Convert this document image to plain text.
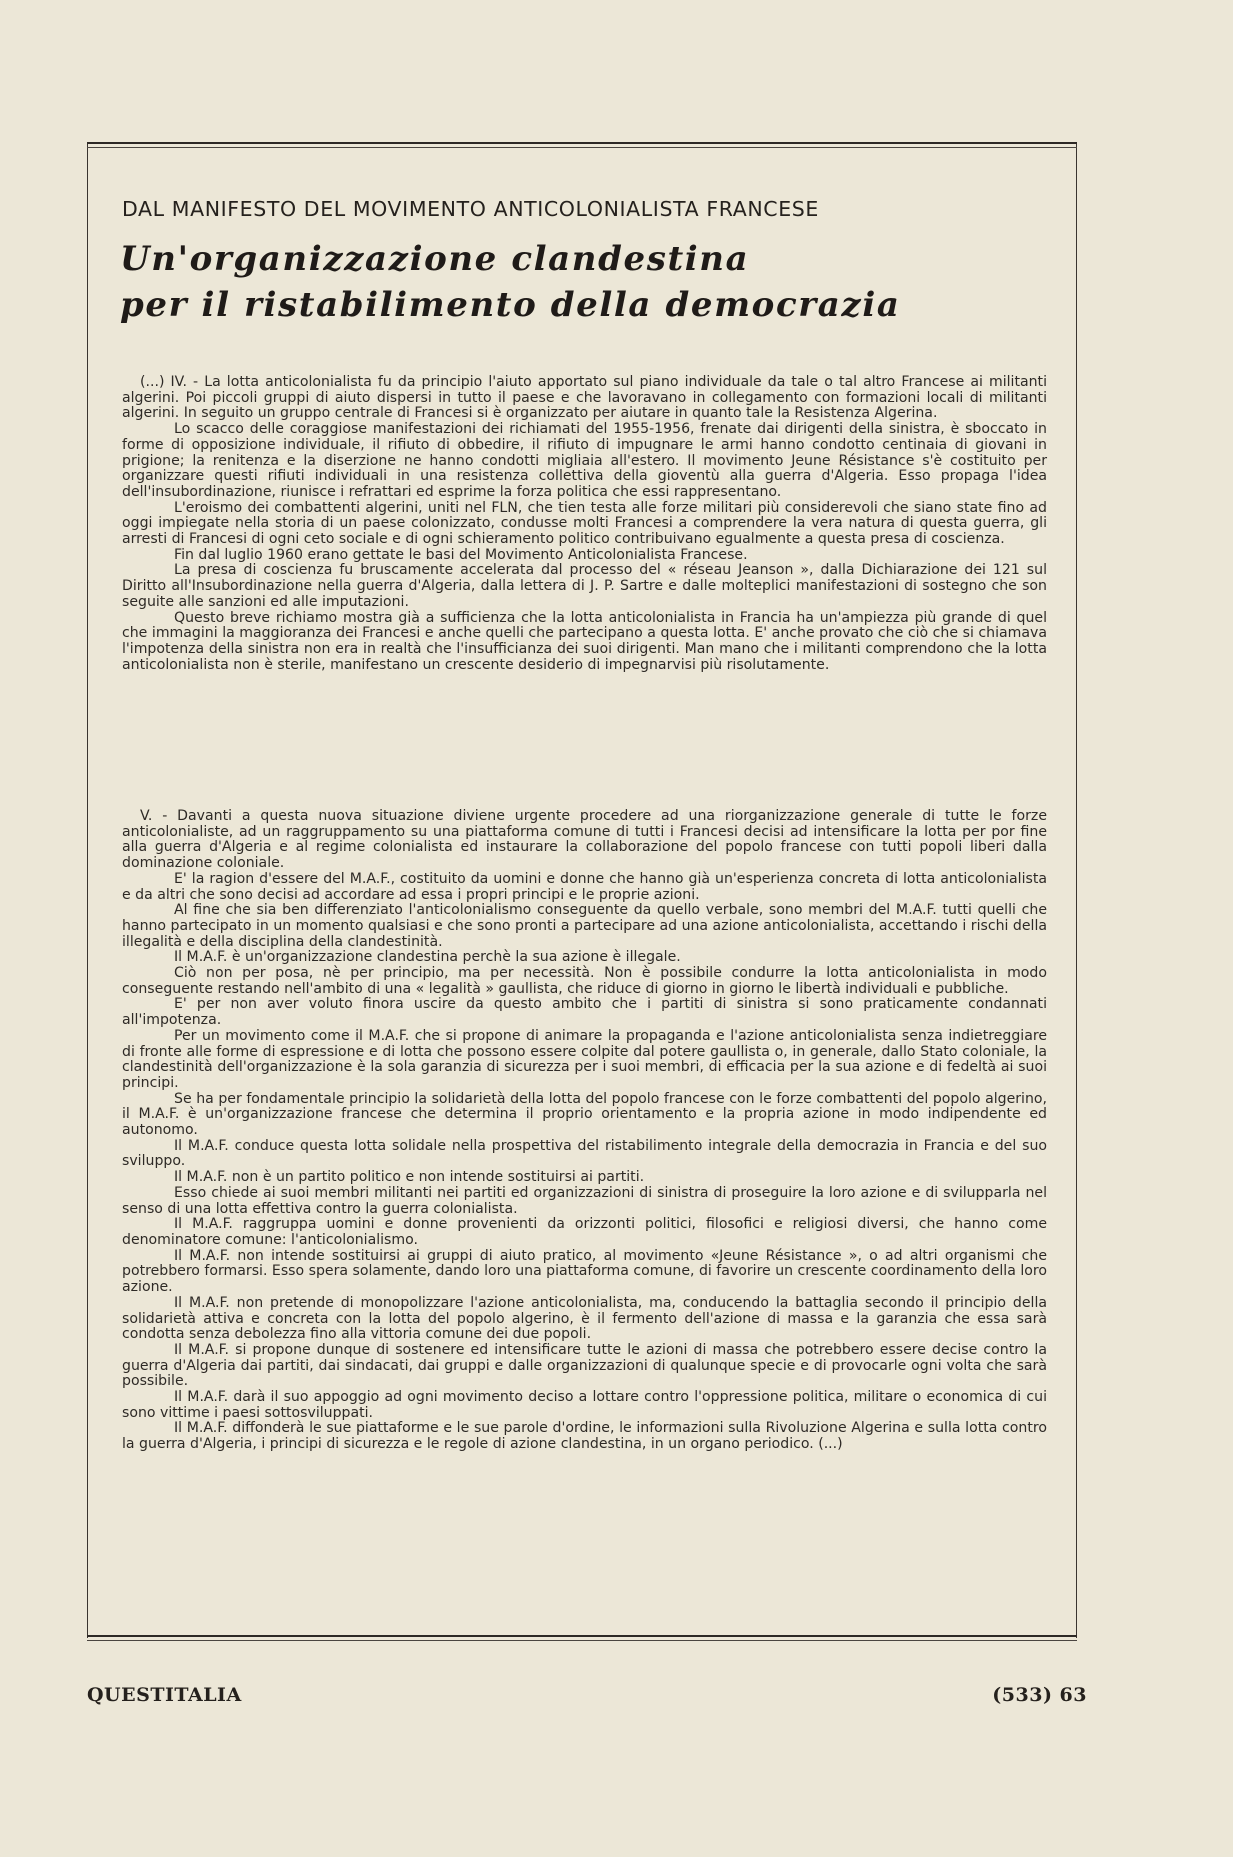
DAL MANIFESTO DEL MOVIMENTO ANTICOLONIALISTA FRANCESE
Un'organizzazione clandestina
per il ristabilimento della democrazia

(...) IV. - La lotta anticolonialista fu da principio l'aiuto apportato sul piano individuale da tale o tal altro Francese ai militanti algerini. Poi piccoli gruppi di aiuto dispersi in tutto il paese e che lavoravano in collegamento con formazioni locali di militanti algerini. In seguito un gruppo centrale di Francesi si è organizzato per aiutare in quanto tale la Resistenza Algerina.

Lo scacco delle coraggiose manifestazioni dei richiamati del 1955-1956, frenate dai dirigenti della sinistra, è sboccato in forme di opposizione individuale, il rifiuto di obbedire, il rifiuto di impugnare le armi hanno condotto centinaia di giovani in prigione; la renitenza e la diserzione ne hanno condotti migliaia all'estero. Il movimento Jeune Résistance s'è costituito per organizzare questi rifiuti individuali in una resistenza collettiva della gioventù alla guerra d'Algeria. Esso propaga l'idea dell'insubordinazione, riunisce i refrattari ed esprime la forza politica che essi rappresentano.

L'eroismo dei combattenti algerini, uniti nel FLN, che tien testa alle forze militari più considerevoli che siano state fino ad oggi impiegate nella storia di un paese colonizzato, condusse molti Francesi a comprendere la vera natura di questa guerra, gli arresti di Francesi di ogni ceto sociale e di ogni schieramento politico contribuivano egualmente a questa presa di coscienza.

Fin dal luglio 1960 erano gettate le basi del Movimento Anticolonialista Francese.

La presa di coscienza fu bruscamente accelerata dal processo del « réseau Jeanson », dalla Dichiarazione dei 121 sul Diritto all'Insubordinazione nella guerra d'Algeria, dalla lettera di J. P. Sartre e dalle molteplici manifestazioni di sostegno che son seguite alle sanzioni ed alle imputazioni.

Questo breve richiamo mostra già a sufficienza che la lotta anticolonialista in Francia ha un'ampiezza più grande di quel che immagini la maggioranza dei Francesi e anche quelli che partecipano a questa lotta. E' anche provato che ciò che si chiamava l'impotenza della sinistra non era in realtà che l'insufficianza dei suoi dirigenti. Man mano che i militanti comprendono che la lotta anticolonialista non è sterile, manifestano un crescente desiderio di impegnarvisi più risolutamente.

V. - Davanti a questa nuova situazione diviene urgente procedere ad una riorganizzazione generale di tutte le forze anticolonialiste, ad un raggruppamento su una piattaforma comune di tutti i Francesi decisi ad intensificare la lotta per por fine alla guerra d'Algeria e al regime colonialista ed instaurare la collaborazione del popolo francese con tutti popoli liberi dalla dominazione coloniale.

E' la ragion d'essere del M.A.F., costituito da uomini e donne che hanno già un'esperienza concreta di lotta anticolonialista e da altri che sono decisi ad accordare ad essa i propri principi e le proprie azioni.

Al fine che sia ben differenziato l'anticolonialismo conseguente da quello verbale, sono membri del M.A.F. tutti quelli che hanno partecipato in un momento qualsiasi e che sono pronti a partecipare ad una azione anticolonialista, accettando i rischi della illegalità e della disciplina della clandestinità.

Il M.A.F. è un'organizzazione clandestina perchè la sua azione è illegale.

Ciò non per posa, nè per principio, ma per necessità. Non è possibile condurre la lotta anticolonialista in modo conseguente restando nell'ambito di una « legalità » gaullista, che riduce di giorno in giorno le libertà individuali e pubbliche.

E' per non aver voluto finora uscire da questo ambito che i partiti di sinistra si sono praticamente condannati all'impotenza.

Per un movimento come il M.A.F. che si propone di animare la propaganda e l'azione anticolonialista senza indietreggiare di fronte alle forme di espressione e di lotta che possono essere colpite dal potere gaullista o, in generale, dallo Stato coloniale, la clandestinità dell'organizzazione è la sola garanzia di sicurezza per i suoi membri, di efficacia per la sua azione e di fedeltà ai suoi principi.

Se ha per fondamentale principio la solidarietà della lotta del popolo francese con le forze combattenti del popolo algerino, il M.A.F. è un'organizzazione francese che determina il proprio orientamento e la propria azione in modo indipendente ed autonomo.

Il M.A.F. conduce questa lotta solidale nella prospettiva del ristabilimento integrale della democrazia in Francia e del suo sviluppo.

Il M.A.F. non è un partito politico e non intende sostituirsi ai partiti.

Esso chiede ai suoi membri militanti nei partiti ed organizzazioni di sinistra di proseguire la loro azione e di svilupparla nel senso di una lotta effettiva contro la guerra colonialista.

Il M.A.F. raggruppa uomini e donne provenienti da orizzonti politici, filosofici e religiosi diversi, che hanno come denominatore comune: l'anticolonialismo.

Il M.A.F. non intende sostituirsi ai gruppi di aiuto pratico, al movimento «Jeune Résistance », o ad altri organismi che potrebbero formarsi. Esso spera solamente, dando loro una piattaforma comune, di favorire un crescente coordinamento della loro azione.

Il M.A.F. non pretende di monopolizzare l'azione anticolonialista, ma, conducendo la battaglia secondo il principio della solidarietà attiva e concreta con la lotta del popolo algerino, è il fermento dell'azione di massa e la garanzia che essa sarà condotta senza debolezza fino alla vittoria comune dei due popoli.

Il M.A.F. si propone dunque di sostenere ed intensificare tutte le azioni di massa che potrebbero essere decise contro la guerra d'Algeria dai partiti, dai sindacati, dai gruppi e dalle organizzazioni di qualunque specie e di provocarle ogni volta che sarà possibile.

Il M.A.F. darà il suo appoggio ad ogni movimento deciso a lottare contro l'oppressione politica, militare o economica di cui sono vittime i paesi sottosviluppati.

Il M.A.F. diffonderà le sue piattaforme e le sue parole d'ordine, le informazioni sulla Rivoluzione Algerina e sulla lotta contro la guerra d'Algeria, i principi di sicurezza e le regole di azione clandestina, in un organo periodico. (...)

QUESTITALIA	(533) 63
